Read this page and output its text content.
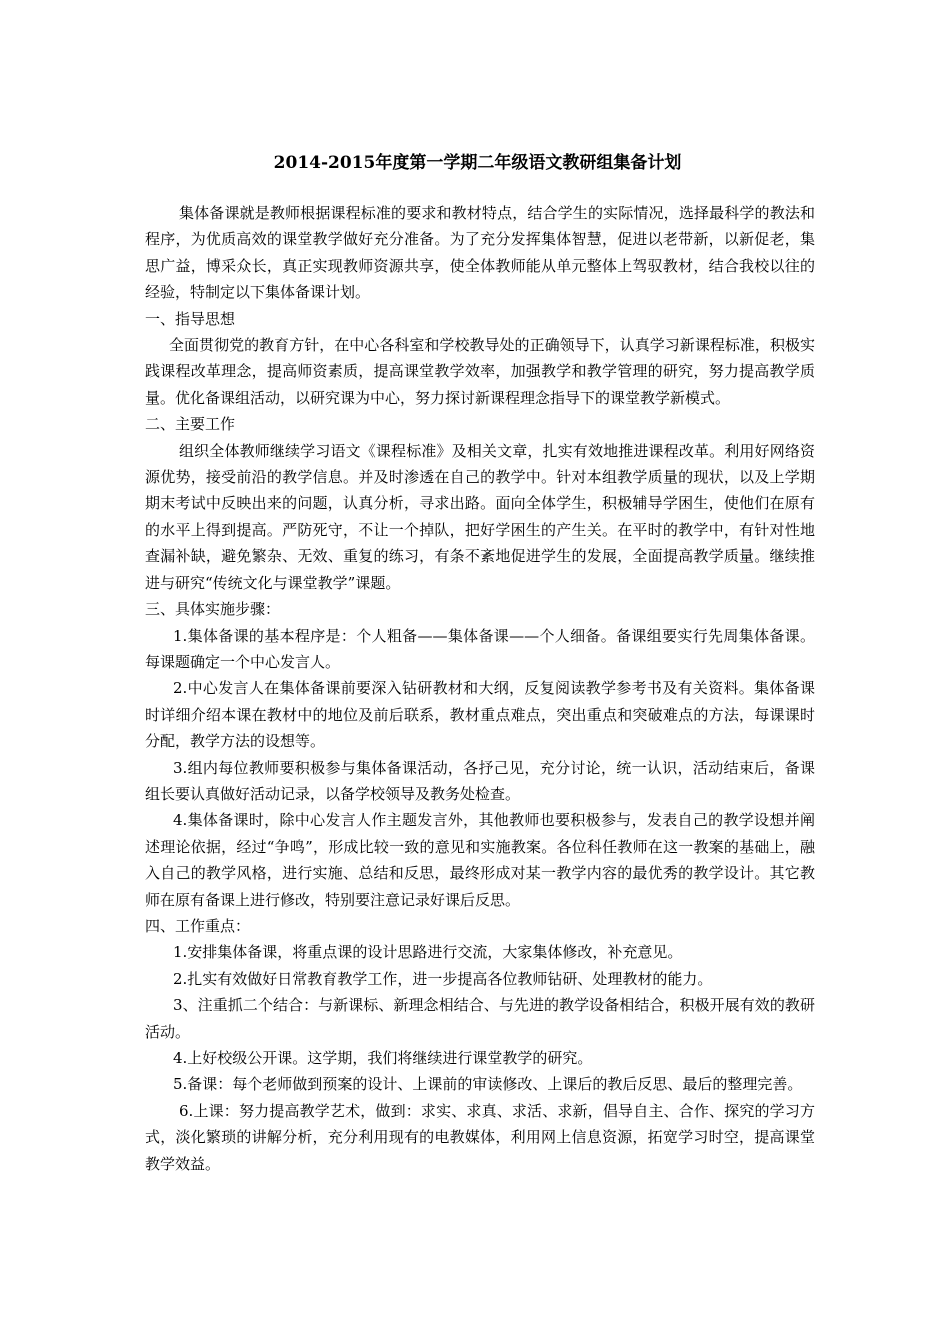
2014-2015年度第一学期二年级语文教研组集备计划

集体备课就是教师根据课程标准的要求和教材特点，结合学生的实际情况，选择最科学的教法和程序，为优质高效的课堂教学做好充分准备。为了充分发挥集体智慧，促进以老带新，以新促老，集思广益，博采众长，真正实现教师资源共享，使全体教师能从单元整体上驾驭教材，结合我校以往的经验，特制定以下集体备课计划。

一、指导思想

全面贯彻党的教育方针，在中心各科室和学校教导处的正确领导下，认真学习新课程标准，积极实践课程改革理念，提高师资素质，提高课堂教学效率，加强教学和教学管理的研究，努力提高教学质量。优化备课组活动，以研究课为中心，努力探讨新课程理念指导下的课堂教学新模式。

二、主要工作

组织全体教师继续学习语文《课程标准》及相关文章，扎实有效地推进课程改革。利用好网络资源优势，接受前沿的教学信息。并及时渗透在自己的教学中。针对本组教学质量的现状，以及上学期期末考试中反映出来的问题，认真分析，寻求出路。面向全体学生，积极辅导学困生，使他们在原有的水平上得到提高。严防死守，不让一个掉队，把好学困生的产生关。在平时的教学中，有针对性地查漏补缺，避免繁杂、无效、重复的练习，有条不紊地促进学生的发展，全面提高教学质量。继续推进与研究“传统文化与课堂教学”课题。

三、具体实施步骤：

1.集体备课的基本程序是：个人粗备——集体备课——个人细备。备课组要实行先周集体备课。每课题确定一个中心发言人。

2.中心发言人在集体备课前要深入钻研教材和大纲，反复阅读教学参考书及有关资料。集体备课时详细介绍本课在教材中的地位及前后联系，教材重点难点，突出重点和突破难点的方法，每课课时分配，教学方法的设想等。

3.组内每位教师要积极参与集体备课活动，各抒己见，充分讨论，统一认识，活动结束后，备课组长要认真做好活动记录，以备学校领导及教务处检查。

4.集体备课时，除中心发言人作主题发言外，其他教师也要积极参与，发表自己的教学设想并阐述理论依据，经过“争鸣”，形成比较一致的意见和实施教案。各位科任教师在这一教案的基础上，融入自己的教学风格，进行实施、总结和反思，最终形成对某一教学内容的最优秀的教学设计。其它教师在原有备课上进行修改，特别要注意记录好课后反思。

四、工作重点：

1.安排集体备课，将重点课的设计思路进行交流，大家集体修改，补充意见。

2.扎实有效做好日常教育教学工作，进一步提高各位教师钻研、处理教材的能力。

3、注重抓二个结合：与新课标、新理念相结合、与先进的教学设备相结合，积极开展有效的教研活动。

4.上好校级公开课。这学期，我们将继续进行课堂教学的研究。

5.备课：每个老师做到预案的设计、上课前的审读修改、上课后的教后反思、最后的整理完善。

6.上课：努力提高教学艺术，做到：求实、求真、求活、求新，倡导自主、合作、探究的学习方式，淡化繁琐的讲解分析，充分利用现有的电教媒体，利用网上信息资源，拓宽学习时空，提高课堂教学效益。
